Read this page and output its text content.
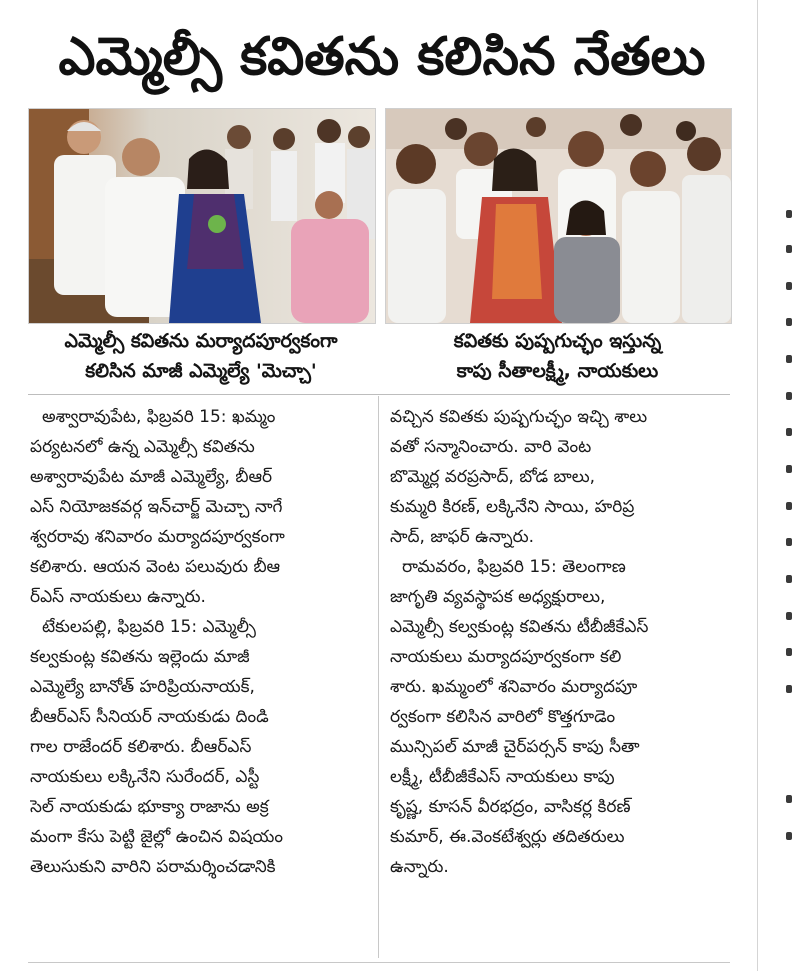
ఎమ్మెల్సీ కవితను కలిసిన నేతలు
ఎమ్మెల్సీ కవితను మర్యాదపూర్వకంగా
కలిసిన మాజీ ఎమ్మెల్యే 'మెచ్చా'
కవితకు పుష్పగుచ్ఛం ఇస్తున్న
కాపు సీతాలక్ష్మీ, నాయకులు
అశ్వారావుపేట, ఫిబ్రవరి 15: ఖమ్మం
పర్యటనలో ఉన్న ఎమ్మెల్సీ కవితను
అశ్వారావుపేట మాజీ ఎమ్మెల్యే, బీఆర్
ఎస్ నియోజకవర్గ ఇన్‌చార్జ్ మెచ్చా నాగే
శ్వరరావు శనివారం మర్యాదపూర్వకంగా
కలిశారు. ఆయన వెంట పలువురు బీఆ
ర్‌ఎస్ నాయకులు ఉన్నారు.
టేకులపల్లి, ఫిబ్రవరి 15: ఎమ్మెల్సీ
కల్వకుంట్ల కవితను ఇల్లెందు మాజీ
ఎమ్మెల్యే బానోత్ హరిప్రియనాయక్,
బీఆర్‌ఎస్ సీనియర్ నాయకుడు దిండి
గాల రాజేందర్ కలిశారు. బీఆర్‌ఎస్
నాయకులు లక్కినేని సురేందర్, ఎస్టీ
సెల్ నాయకుడు భూక్యా రాజాను అక్ర
మంగా కేసు పెట్టి జైల్లో ఉంచిన విషయం
తెలుసుకుని వారిని పరామర్శించడానికి
వచ్చిన కవితకు పుష్పగుచ్ఛం ఇచ్చి శాలు
వతో సన్మానించారు. వారి వెంట
బొమ్మెర్ల వరప్రసాద్, బోడ బాలు,
కుమ్మరి కిరణ్, లక్కినేని సాయి, హరిప్ర
సాద్, జాఫర్ ఉన్నారు.
రామవరం, ఫిబ్రవరి 15: తెలంగాణ
జాగృతి వ్యవస్థాపక అధ్యక్షురాలు,
ఎమ్మెల్సీ కల్వకుంట్ల కవితను టీబీజీకేఎస్
నాయకులు మర్యాదపూర్వకంగా కలి
శారు. ఖమ్మంలో శనివారం మర్యాదపూ
ర్వకంగా కలిసిన వారిలో కొత్తగూడెం
మున్సిపల్ మాజీ చైర్‌పర్సన్ కాపు సీతా
లక్ష్మీ, టీబీజీకేఎస్ నాయకులు కాపు
కృష్ణ, కూసన్ వీరభద్రం, వాసికర్ల కిరణ్
కుమార్, ఈ.వెంకటేశ్వర్లు తదితరులు
ఉన్నారు.
